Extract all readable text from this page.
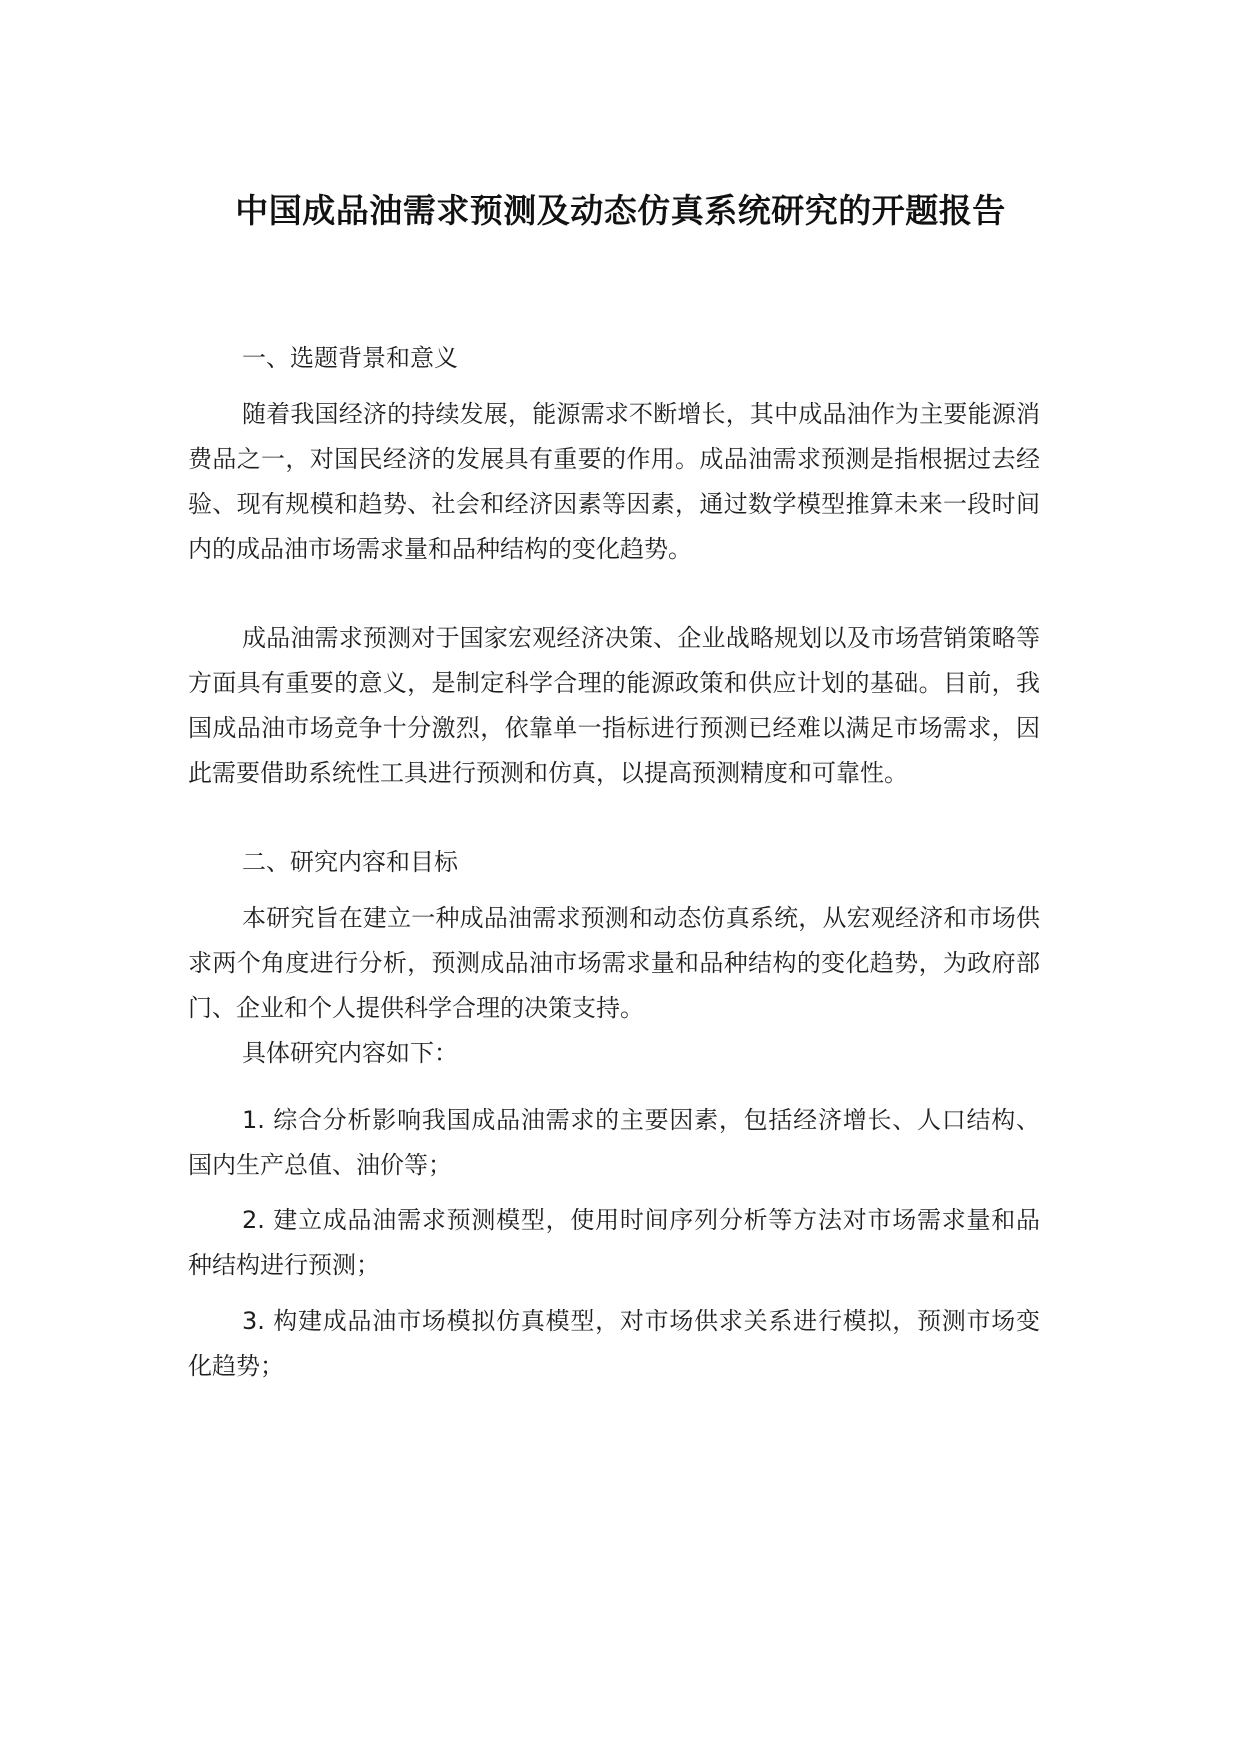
中国成品油需求预测及动态仿真系统研究的开题报告
一、选题背景和意义
随着我国经济的持续发展，能源需求不断增长，其中成品油作为主要能源消费品之一，对国民经济的发展具有重要的作用。成品油需求预测是指根据过去经验、现有规模和趋势、社会和经济因素等因素，通过数学模型推算未来一段时间内的成品油市场需求量和品种结构的变化趋势。
成品油需求预测对于国家宏观经济决策、企业战略规划以及市场营销策略等方面具有重要的意义，是制定科学合理的能源政策和供应计划的基础。目前，我国成品油市场竞争十分激烈，依靠单一指标进行预测已经难以满足市场需求，因此需要借助系统性工具进行预测和仿真，以提高预测精度和可靠性。
二、研究内容和目标
本研究旨在建立一种成品油需求预测和动态仿真系统，从宏观经济和市场供求两个角度进行分析，预测成品油市场需求量和品种结构的变化趋势，为政府部门、企业和个人提供科学合理的决策支持。
具体研究内容如下：
1. 综合分析影响我国成品油需求的主要因素，包括经济增长、人口结构、国内生产总值、油价等；
2. 建立成品油需求预测模型，使用时间序列分析等方法对市场需求量和品种结构进行预测；
3. 构建成品油市场模拟仿真模型，对市场供求关系进行模拟，预测市场变化趋势；
